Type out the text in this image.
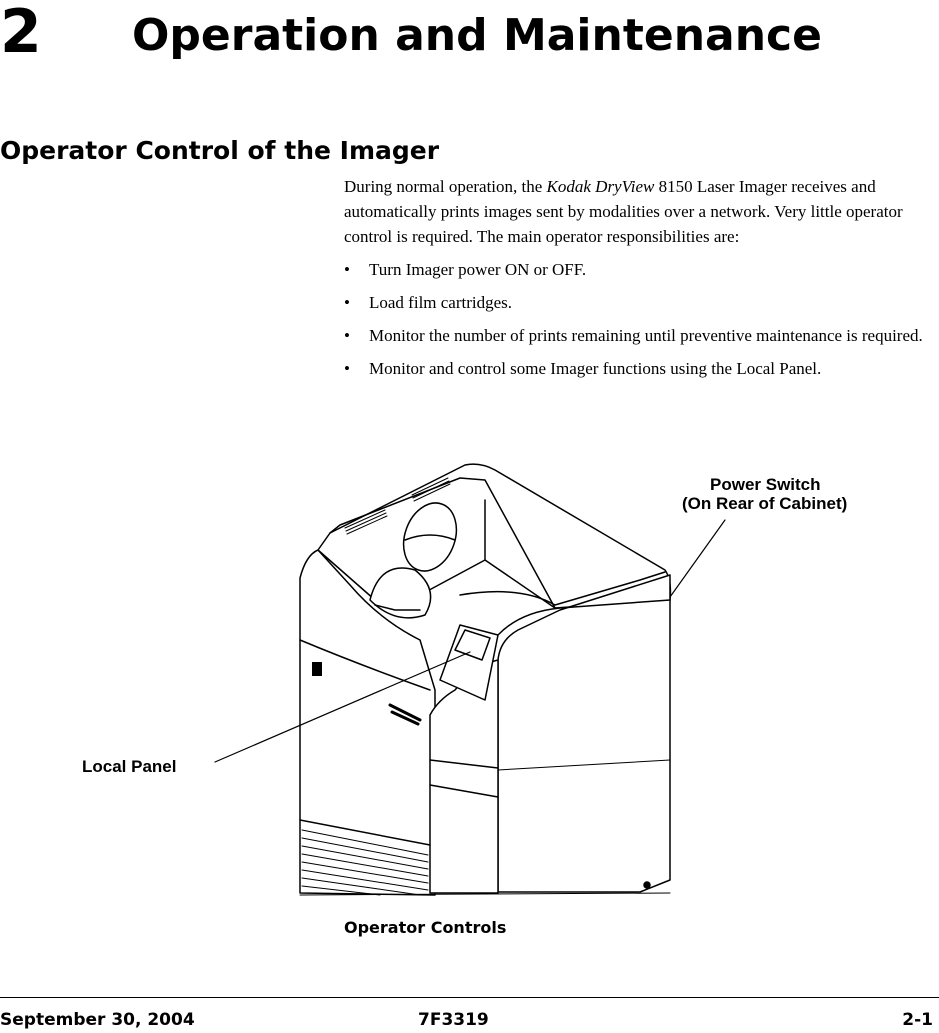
2 Operation and Maintenance
Operator Control of the Imager

During normal operation, the Kodak DryView 8150 Laser Imager receives and automatically prints images sent by modalities over a network. Very little operator control is required. The main operator responsibilities are:

• Turn Imager power ON or OFF.
• Load film cartridges.
• Monitor the number of prints remaining until preventive maintenance is required.
• Monitor and control some Imager functions using the Local Panel.
Power Switch
(On Rear of Cabinet)
Local Panel
Operator Controls
September 30, 2004	7F3319	2-1
